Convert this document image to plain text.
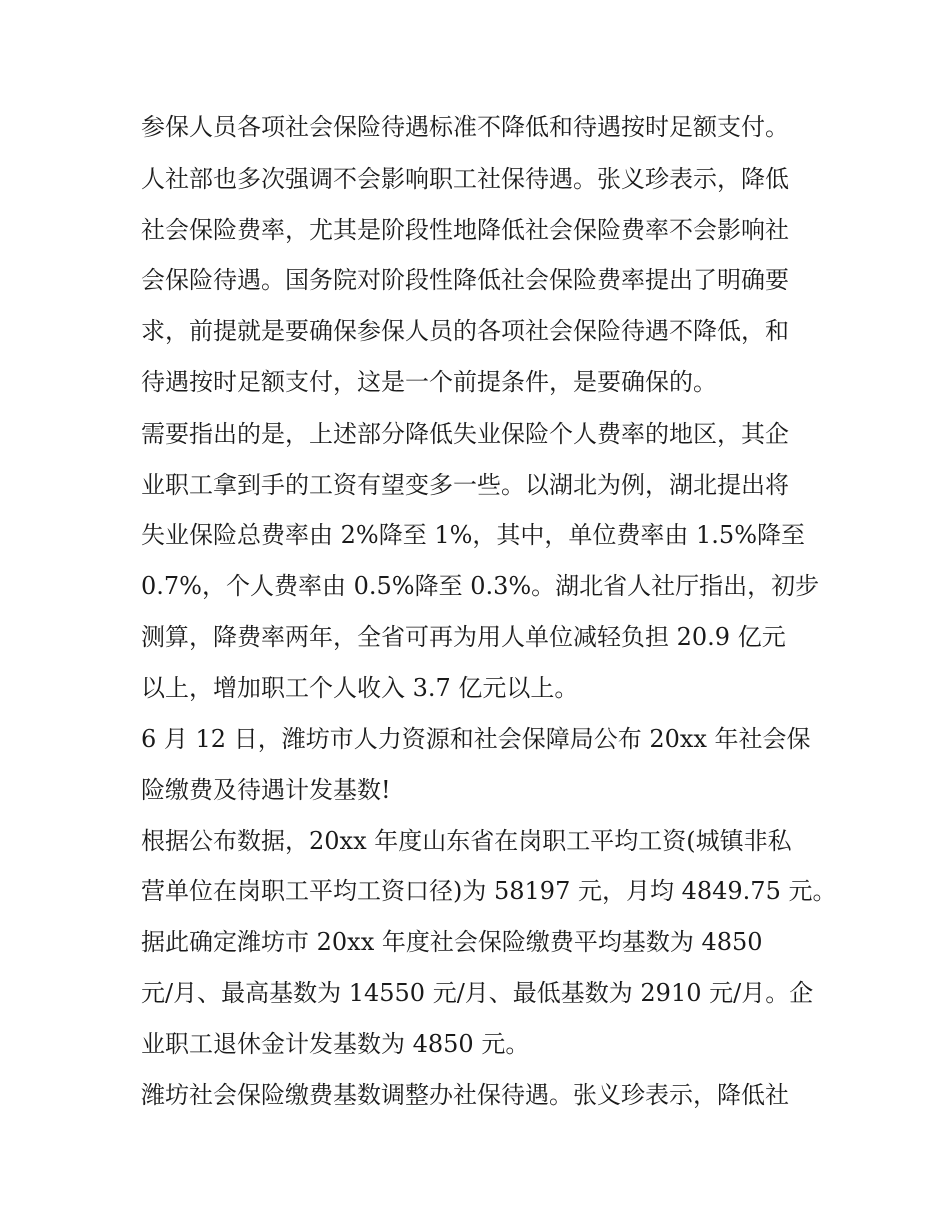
参保人员各项社会保险待遇标准不降低和待遇按时足额支付。
人社部也多次强调不会影响职工社保待遇。张义珍表示，降低
社会保险费率，尤其是阶段性地降低社会保险费率不会影响社
会保险待遇。国务院对阶段性降低社会保险费率提出了明确要
求，前提就是要确保参保人员的各项社会保险待遇不降低，和
待遇按时足额支付，这是一个前提条件，是要确保的。
需要指出的是，上述部分降低失业保险个人费率的地区，其企
业职工拿到手的工资有望变多一些。以湖北为例，湖北提出将
失业保险总费率由 2%降至 1%，其中，单位费率由 1.5%降至
0.7%，个人费率由 0.5%降至 0.3%。湖北省人社厅指出，初步
测算，降费率两年，全省可再为用人单位减轻负担 20.9 亿元
以上，增加职工个人收入 3.7 亿元以上。
6 月 12 日，潍坊市人力资源和社会保障局公布 20xx 年社会保
险缴费及待遇计发基数!
根据公布数据，20xx 年度山东省在岗职工平均工资(城镇非私
营单位在岗职工平均工资口径)为 58197 元，月均 4849.75 元。
据此确定潍坊市 20xx 年度社会保险缴费平均基数为 4850
元/月、最高基数为 14550 元/月、最低基数为 2910 元/月。企
业职工退休金计发基数为 4850 元。
潍坊社会保险缴费基数调整办社保待遇。张义珍表示，降低社
